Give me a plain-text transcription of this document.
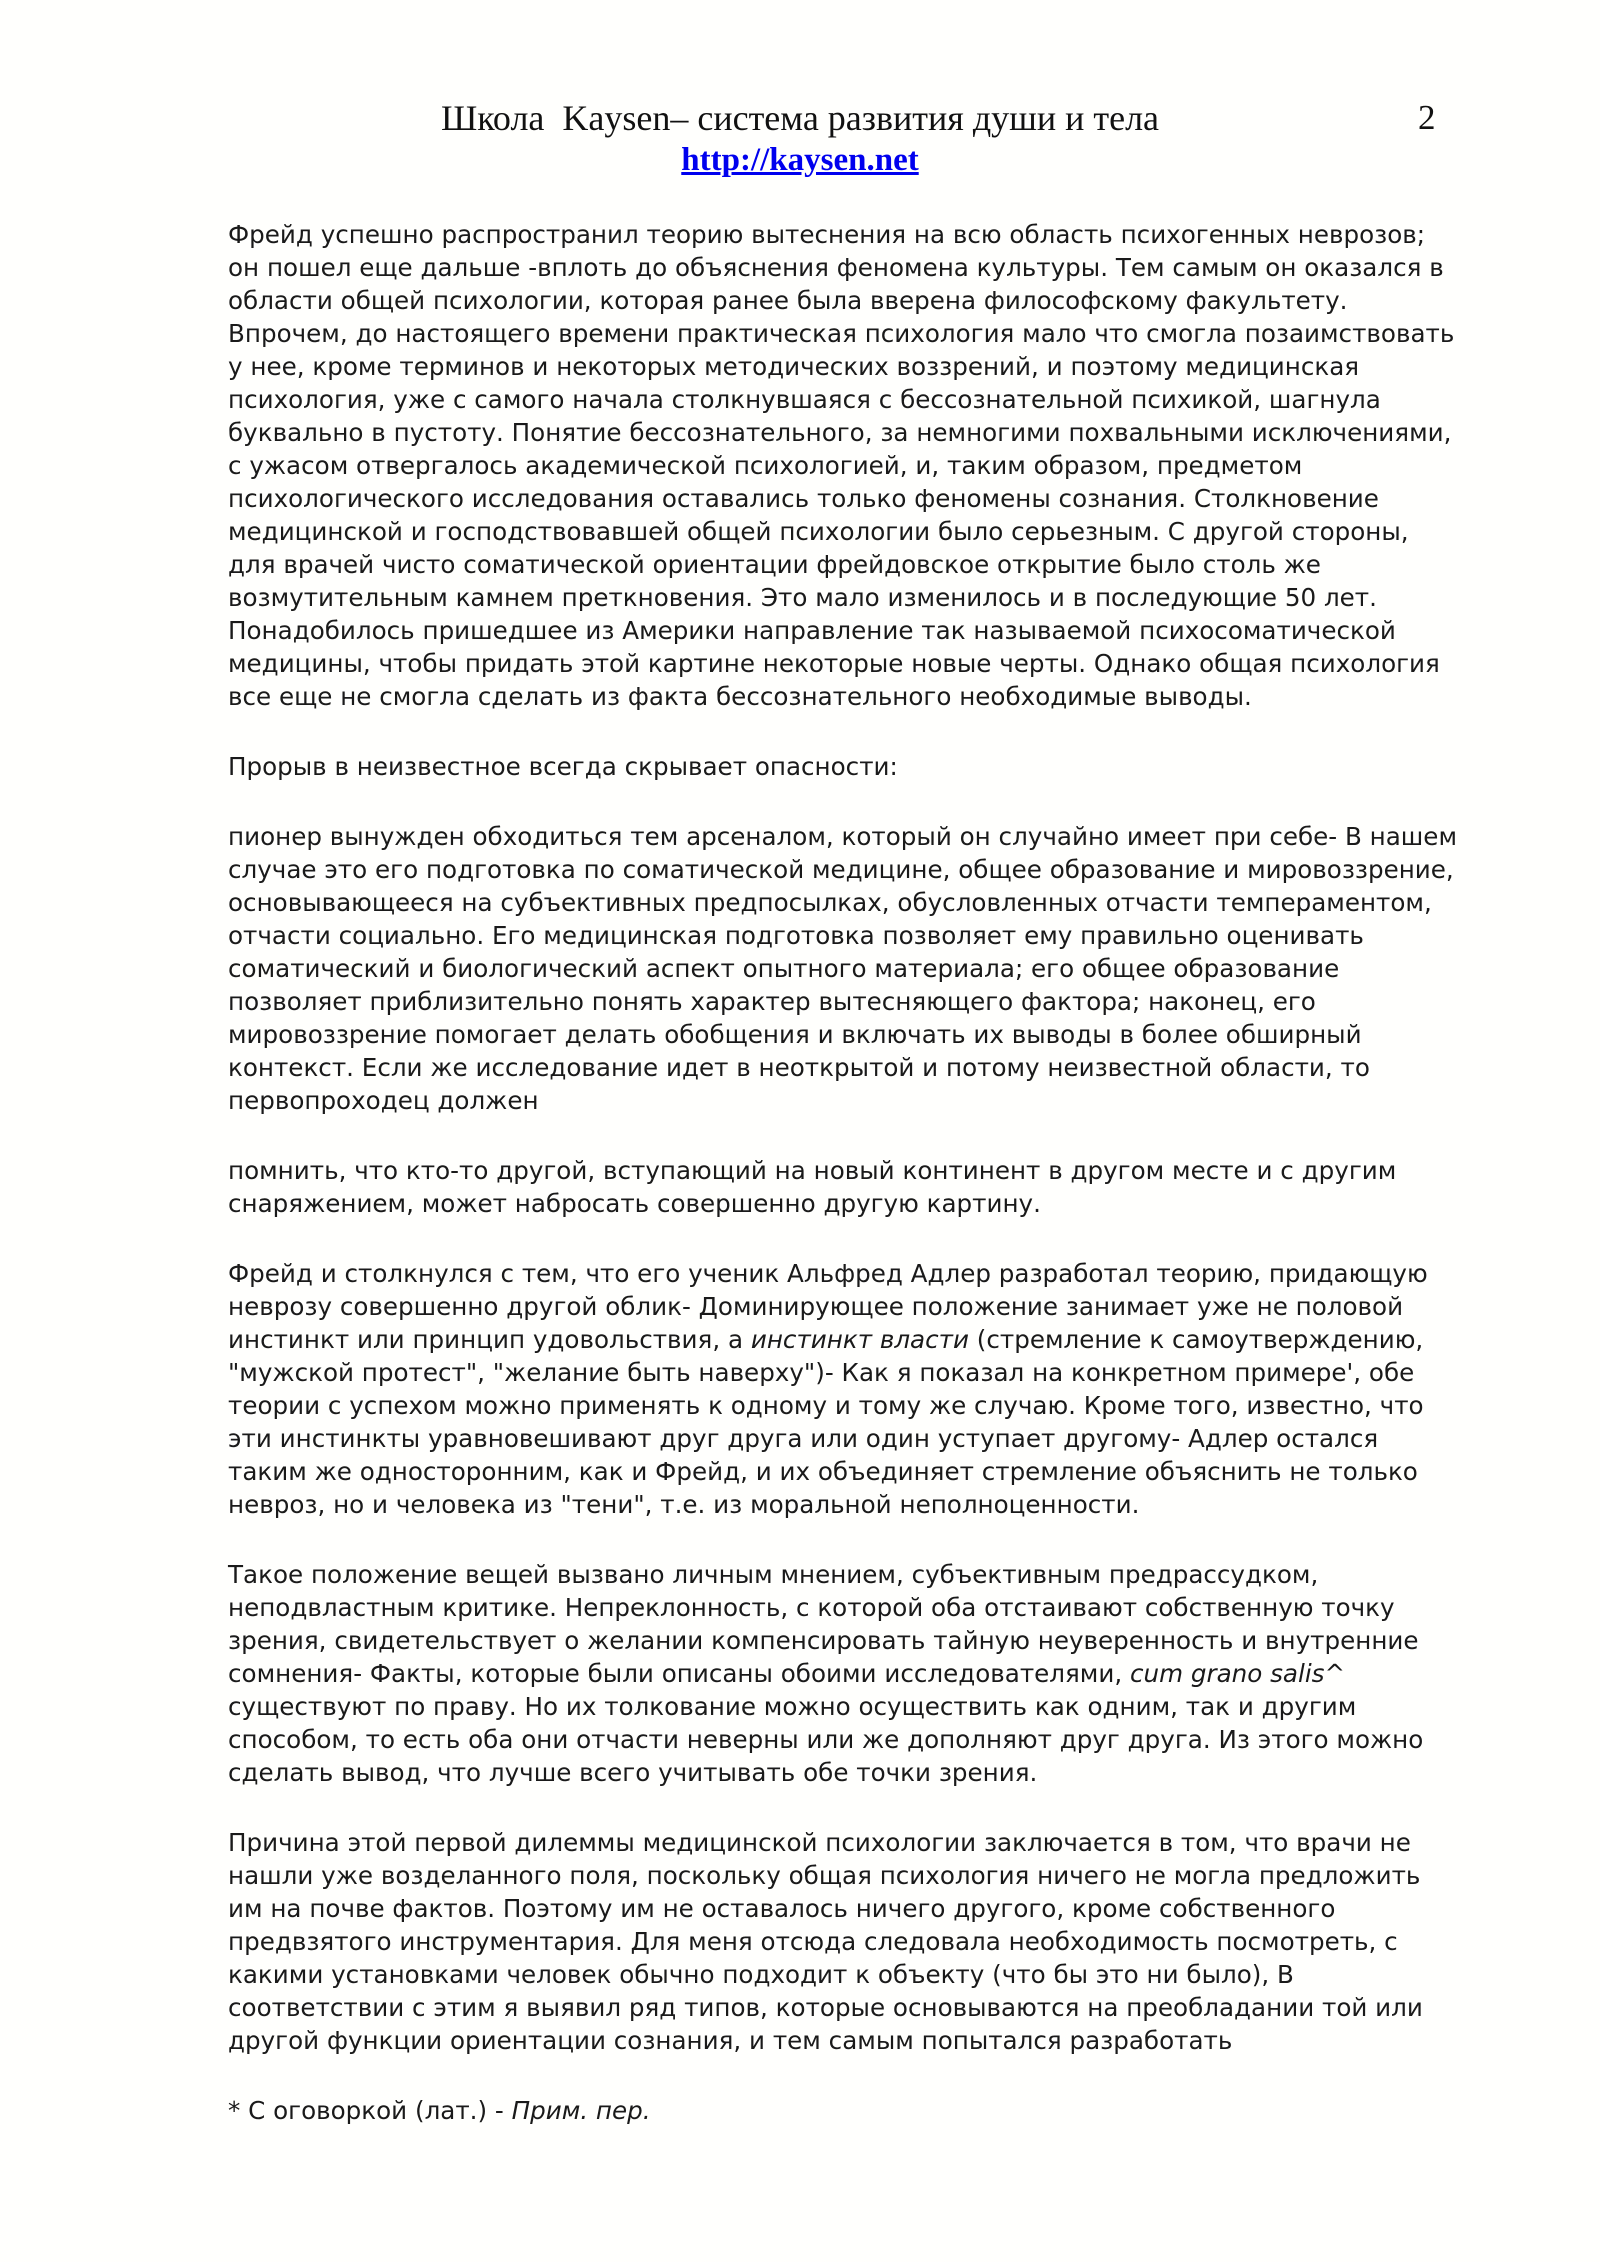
Школа  Kaysen– система развития души и тела
http://kaysen.net
2

Фрейд успешно распространил теорию вытеснения на всю область психогенных неврозов; он пошел еще дальше -вплоть до объяснения феномена культуры. Тем самым он оказался в области общей психологии, которая ранее была вверена философскому факультету. Впрочем, до настоящего времени практическая психология мало что смогла позаимствовать у нее, кроме терминов и некоторых методических воззрений, и поэтому медицинская психология, уже с самого начала столкнувшаяся с бессознательной психикой, шагнула буквально в пустоту. Понятие бессознательного, за немногими похвальными исключениями, с ужасом отвергалось академической психологией, и, таким образом, предметом психологического исследования оставались только феномены сознания. Столкновение медицинской и господствовавшей общей психологии было серьезным. С другой стороны, для врачей чисто соматической ориентации фрейдовское открытие было столь же возмутительным камнем преткновения. Это мало изменилось и в последующие 50 лет. Понадобилось пришедшее из Америки направление так называемой психосоматической медицины, чтобы придать этой картине некоторые новые черты. Однако общая психология все еще не смогла сделать из факта бессознательного необходимые выводы.

Прорыв в неизвестное всегда скрывает опасности:

пионер вынужден обходиться тем арсеналом, который он случайно имеет при себе- В нашем случае это его подготовка по соматической медицине, общее образование и мировоззрение, основывающееся на субъективных предпосылках, обусловленных отчасти темпераментом, отчасти социально. Его медицинская подготовка позволяет ему правильно оценивать соматический и биологический аспект опытного материала; его общее образование позволяет приблизительно понять характер вытесняющего фактора; наконец, его мировоззрение помогает делать обобщения и включать их выводы в более обширный контекст. Если же исследование идет в неоткрытой и потому неизвестной области, то первопроходец должен

помнить, что кто-то другой, вступающий на новый континент в другом месте и с другим снаряжением, может набросать совершенно другую картину.

Фрейд и столкнулся с тем, что его ученик Альфред Адлер разработал теорию, придающую неврозу совершенно другой облик- Доминирующее положение занимает уже не половой инстинкт или принцип удовольствия, а инстинкт власти (стремление к самоутверждению, "мужской протест", "желание быть наверху")- Как я показал на конкретном примере', обе теории с успехом можно применять к одному и тому же случаю. Кроме того, известно, что эти инстинкты уравновешивают друг друга или один уступает другому- Адлер остался таким же односторонним, как и Фрейд, и их объединяет стремление объяснить не только невроз, но и человека из "тени", т.е. из моральной неполноценности.

Такое положение вещей вызвано личным мнением, субъективным предрассудком, неподвластным критике. Непреклонность, с которой оба отстаивают собственную точку зрения, свидетельствует о желании компенсировать тайную неуверенность и внутренние сомнения- Факты, которые были описаны обоими исследователями, cum grano salis^ существуют по праву. Но их толкование можно осуществить как одним, так и другим способом, то есть оба они отчасти неверны или же дополняют друг друга. Из этого можно сделать вывод, что лучше всего учитывать обе точки зрения.

Причина этой первой дилеммы медицинской психологии заключается в том, что врачи не нашли уже возделанного поля, поскольку общая психология ничего не могла предложить им на почве фактов. Поэтому им не оставалось ничего другого, кроме собственного предвзятого инструментария. Для меня отсюда следовала необходимость посмотреть, с какими установками человек обычно подходит к объекту (что бы это ни было), В соответствии с этим я выявил ряд типов, которые основываются на преобладании той или другой функции ориентации сознания, и тем самым попытался разработать

* С оговоркой (лат.) - Прим. пер.
